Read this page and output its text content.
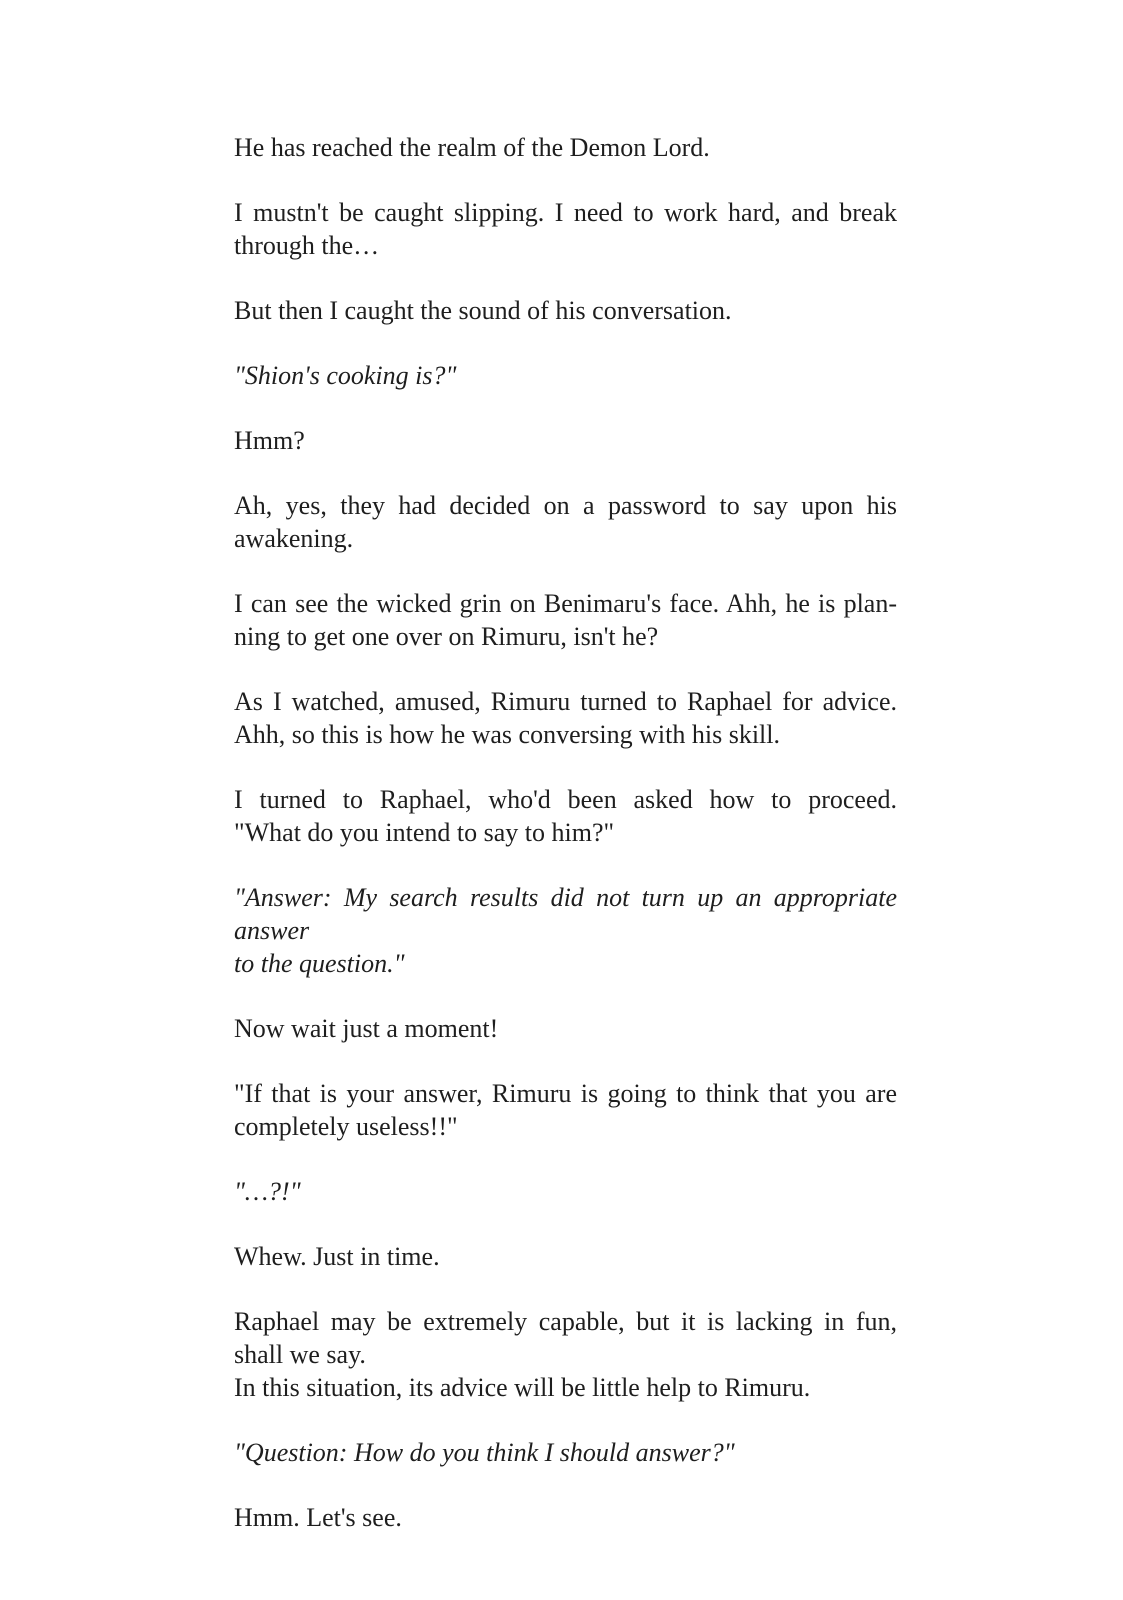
He has reached the realm of the Demon Lord.

I mustn't be caught slipping. I need to work hard, and break
through the…

But then I caught the sound of his conversation.

"Shion's cooking is?"

Hmm?

Ah, yes, they had decided on a password to say upon his
awakening.

I can see the wicked grin on Benimaru's face. Ahh, he is plan-
ning to get one over on Rimuru, isn't he?

As I watched, amused, Rimuru turned to Raphael for advice.
Ahh, so this is how he was conversing with his skill.

I turned to Raphael, who'd been asked how to proceed.
"What do you intend to say to him?"

"Answer: My search results did not turn up an appropriate answer
to the question."

Now wait just a moment!

"If that is your answer, Rimuru is going to think that you are
completely useless!!"

"…?!"

Whew. Just in time.

Raphael may be extremely capable, but it is lacking in fun,
shall we say.
In this situation, its advice will be little help to Rimuru.

"Question: How do you think I should answer?"

Hmm. Let's see.
